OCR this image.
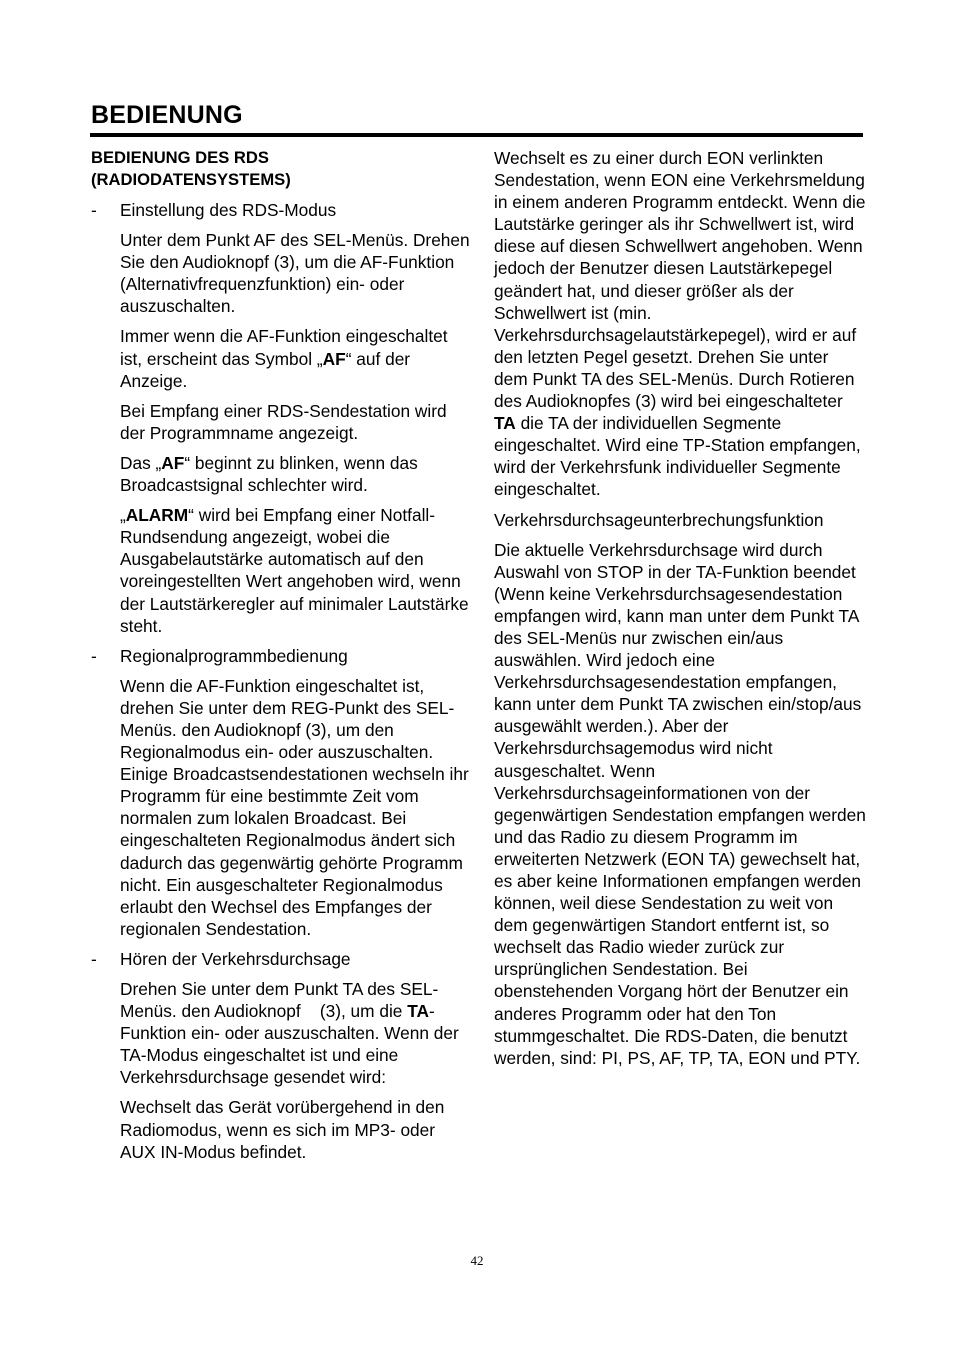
BEDIENUNG
BEDIENUNG DES RDS
(RADIODATENSYSTEMS)
- Einstellung des RDS-Modus

Unter dem Punkt AF des SEL-Menüs. Drehen Sie den Audioknopf (3), um die AF-Funktion (Alternativfrequenzfunktion) ein- oder auszuschalten.

Immer wenn die AF-Funktion eingeschaltet ist, erscheint das Symbol „AF“ auf der Anzeige.

Bei Empfang einer RDS-Sendestation wird der Programmname angezeigt.

Das „AF“ beginnt zu blinken, wenn das Broadcastsignal schlechter wird.

„ALARM“ wird bei Empfang einer Notfall-Rundsendung angezeigt, wobei die Ausgabelautstärke automatisch auf den voreingestellten Wert angehoben wird, wenn der Lautstärkeregler auf minimaler Lautstärke steht.

- Regionalprogrammbedienung

Wenn die AF-Funktion eingeschaltet ist, drehen Sie unter dem REG-Punkt des SEL-Menüs. den Audioknopf (3), um den Regionalmodus ein- oder auszuschalten. Einige Broadcastsendestationen wechseln ihr Programm für eine bestimmte Zeit vom normalen zum lokalen Broadcast. Bei eingeschalteten Regionalmodus ändert sich dadurch das gegenwärtig gehörte Programm nicht. Ein ausgeschalteter Regionalmodus erlaubt den Wechsel des Empfanges der regionalen Sendestation.

- Hören der Verkehrsdurchsage

Drehen Sie unter dem Punkt TA des SEL-Menüs. den Audioknopf    (3), um die TA-Funktion ein- oder auszuschalten. Wenn der    TA-Modus eingeschaltet ist und eine Verkehrsdurchsage gesendet wird:

Wechselt das Gerät vorübergehend in den Radiomodus, wenn es sich im MP3- oder AUX IN-Modus befindet.

Wechselt es zu einer durch EON verlinkten Sendestation, wenn EON eine Verkehrsmeldung in einem anderen Programm entdeckt. Wenn die Lautstärke geringer als ihr Schwellwert ist, wird diese auf diesen Schwellwert angehoben. Wenn jedoch der Benutzer diesen Lautstärkepegel geändert hat, und dieser größer als der Schwellwert ist (min. Verkehrsdurchsagelautstärkepegel), wird er auf den letzten Pegel gesetzt. Drehen Sie unter dem Punkt TA des SEL-Menüs. Durch Rotieren des Audioknopfes (3) wird bei eingeschalteter TA die TA der individuellen Segmente eingeschaltet. Wird eine TP-Station empfangen, wird der Verkehrsfunk individueller Segmente eingeschaltet.

Verkehrsdurchsageunterbrechungsfunktion

Die aktuelle Verkehrsdurchsage wird durch Auswahl von STOP in der TA-Funktion beendet (Wenn keine Verkehrsdurchsagesendestation empfangen wird, kann man unter dem Punkt TA des SEL-Menüs nur zwischen ein/aus auswählen. Wird jedoch eine Verkehrsdurchsagesendestation empfangen, kann unter dem Punkt TA zwischen ein/stop/aus ausgewählt werden.). Aber der Verkehrsdurchsagemodus wird nicht ausgeschaltet. Wenn Verkehrsdurchsageinformationen von der gegenwärtigen Sendestation empfangen werden und das Radio zu diesem Programm im erweiterten Netzwerk (EON TA) gewechselt hat, es aber keine Informationen empfangen werden können, weil diese Sendestation zu weit von dem gegenwärtigen Standort entfernt ist, so wechselt das Radio wieder zurück zur ursprünglichen Sendestation. Bei obenstehenden Vorgang hört der Benutzer ein anderes Programm oder hat den Ton stummgeschaltet. Die RDS-Daten, die benutzt werden, sind: PI, PS, AF, TP, TA, EON und PTY.

42
